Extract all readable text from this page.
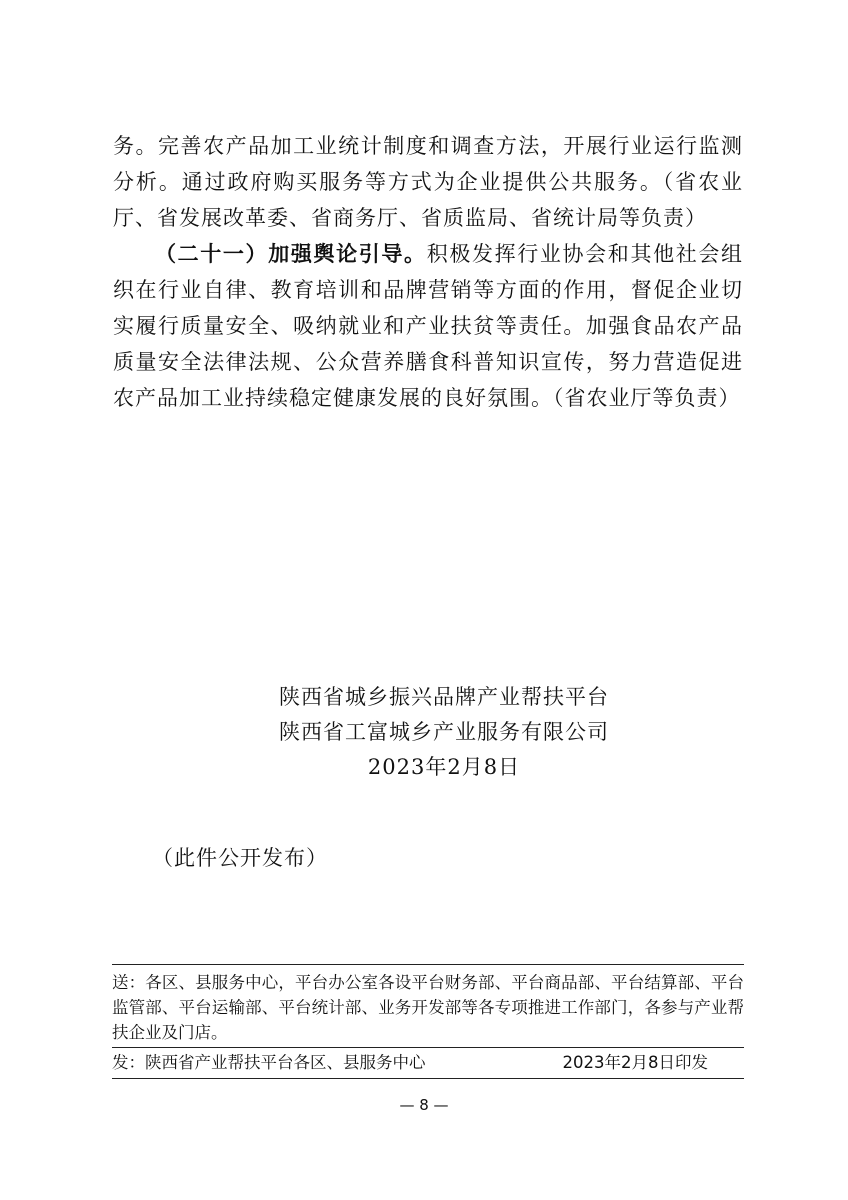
务。完善农产品加工业统计制度和调查方法，开展行业运行监测分析。通过政府购买服务等方式为企业提供公共服务。（省农业厅、省发展改革委、省商务厅、省质监局、省统计局等负责）

（二十一）加强舆论引导。积极发挥行业协会和其他社会组织在行业自律、教育培训和品牌营销等方面的作用，督促企业切实履行质量安全、吸纳就业和产业扶贫等责任。加强食品农产品质量安全法律法规、公众营养膳食科普知识宣传，努力营造促进农产品加工业持续稳定健康发展的良好氛围。（省农业厅等负责）

陕西省城乡振兴品牌产业帮扶平台
陕西省工富城乡产业服务有限公司
2023年2月8日
（此件公开发布）
送：各区、县服务中心，平台办公室各设平台财务部、平台商品部、平台结算部、平台监管部、平台运输部、平台统计部、业务开发部等各专项推进工作部门，各参与产业帮扶企业及门店。
发：陕西省产业帮扶平台各区、县服务中心	2023年2月8日印发
— 8 —
